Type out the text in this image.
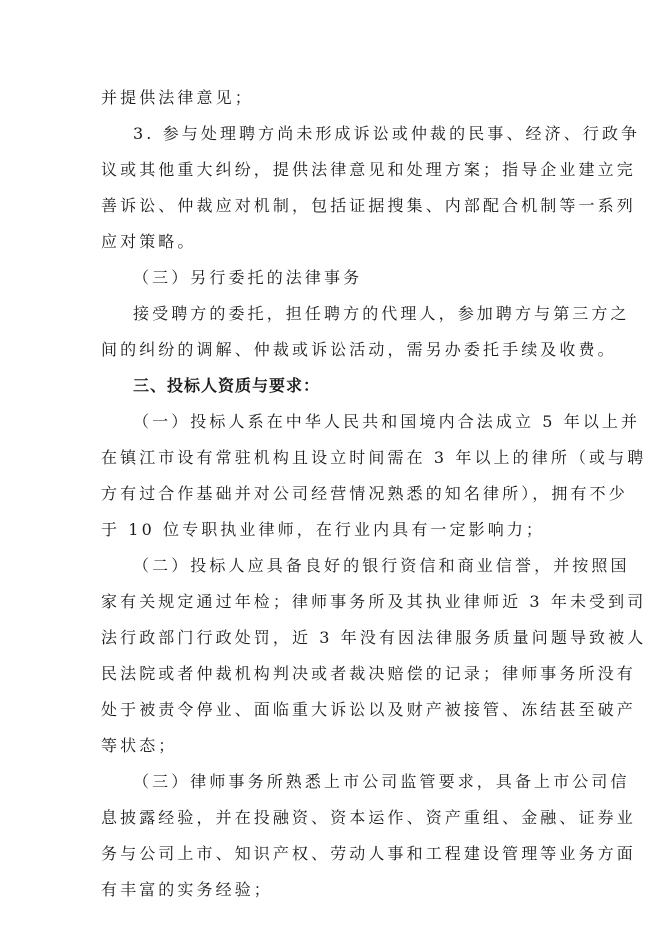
并提供法律意见；
3. 参与处理聘方尚未形成诉讼或仲裁的民事、经济、行政争
议或其他重大纠纷，提供法律意见和处理方案；指导企业建立完
善诉讼、仲裁应对机制，包括证据搜集、内部配合机制等一系列
应对策略。
（三）另行委托的法律事务
接受聘方的委托，担任聘方的代理人，参加聘方与第三方之
间的纠纷的调解、仲裁或诉讼活动，需另办委托手续及收费。
三、投标人资质与要求：
（一）投标人系在中华人民共和国境内合法成立 5 年以上并
在镇江市设有常驻机构且设立时间需在 3 年以上的律所（或与聘
方有过合作基础并对公司经营情况熟悉的知名律所），拥有不少
于 10 位专职执业律师，在行业内具有一定影响力；
（二）投标人应具备良好的银行资信和商业信誉，并按照国
家有关规定通过年检；律师事务所及其执业律师近 3 年未受到司
法行政部门行政处罚，近 3 年没有因法律服务质量问题导致被人
民法院或者仲裁机构判决或者裁决赔偿的记录；律师事务所没有
处于被责令停业、面临重大诉讼以及财产被接管、冻结甚至破产
等状态；
（三）律师事务所熟悉上市公司监管要求，具备上市公司信
息披露经验，并在投融资、资本运作、资产重组、金融、证券业
务与公司上市、知识产权、劳动人事和工程建设管理等业务方面
有丰富的实务经验；
